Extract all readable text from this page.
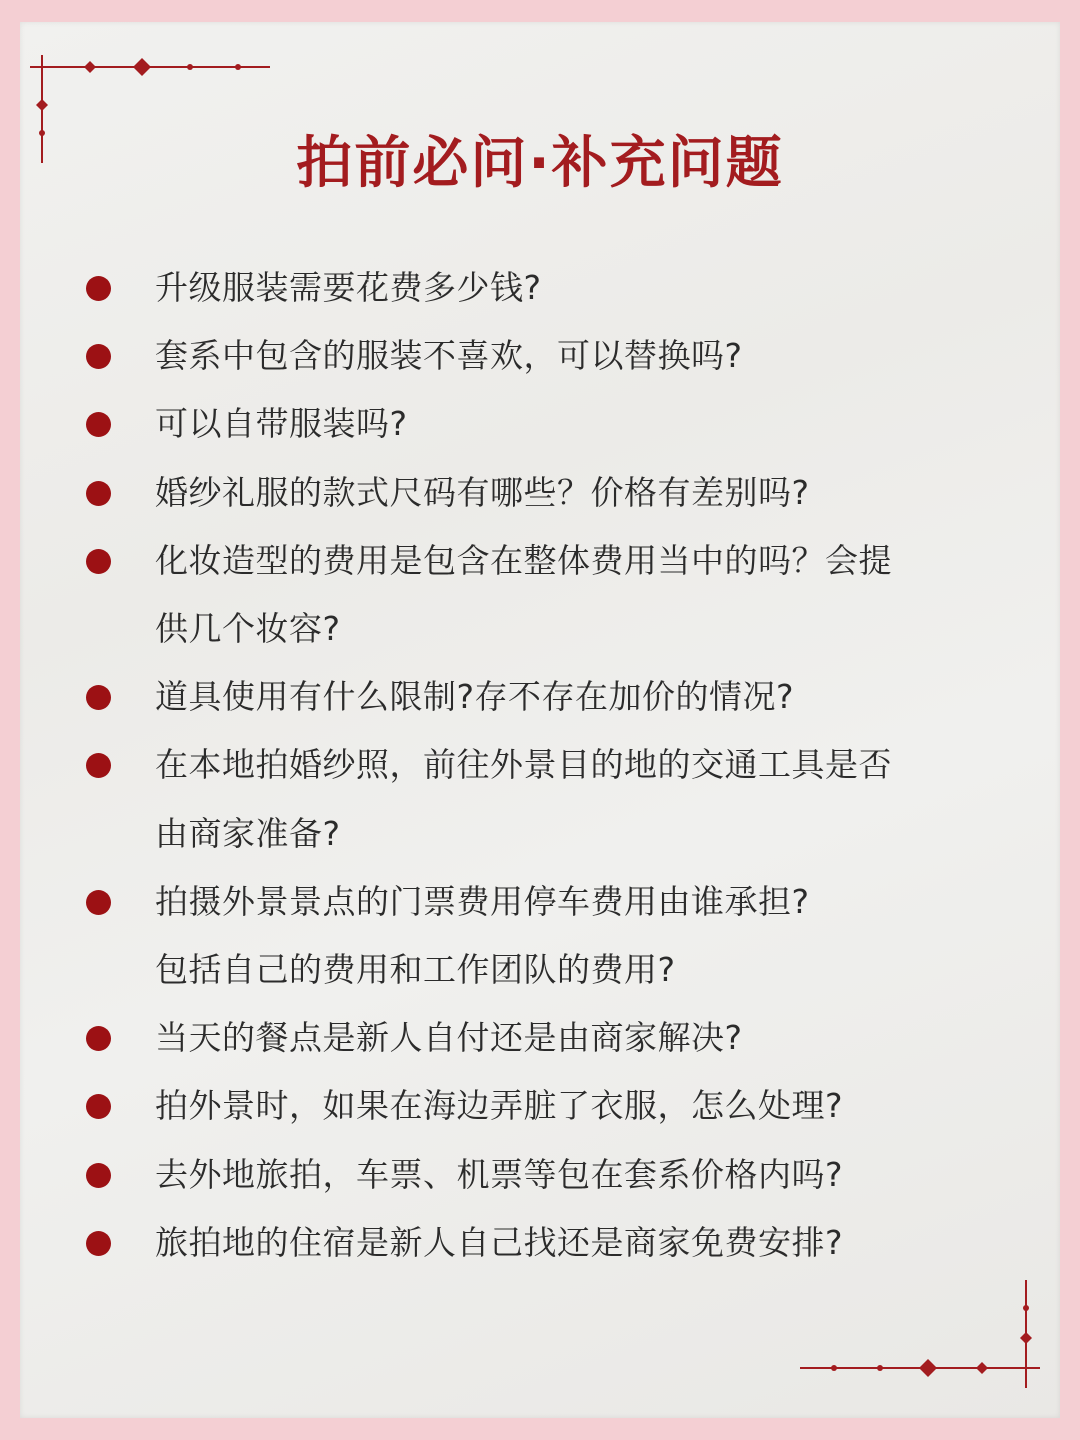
拍前必问·补充问题
升级服装需要花费多少钱?
套系中包含的服装不喜欢，可以替换吗?
可以自带服装吗?
婚纱礼服的款式尺码有哪些？价格有差别吗?
化妆造型的费用是包含在整体费用当中的吗？会提
供几个妆容?
道具使用有什么限制?存不存在加价的情况?
在本地拍婚纱照，前往外景目的地的交通工具是否
由商家准备?
拍摄外景景点的门票费用停车费用由谁承担?
包括自己的费用和工作团队的费用?
当天的餐点是新人自付还是由商家解决?
拍外景时，如果在海边弄脏了衣服，怎么处理?
去外地旅拍，车票、机票等包在套系价格内吗?
旅拍地的住宿是新人自己找还是商家免费安排?
